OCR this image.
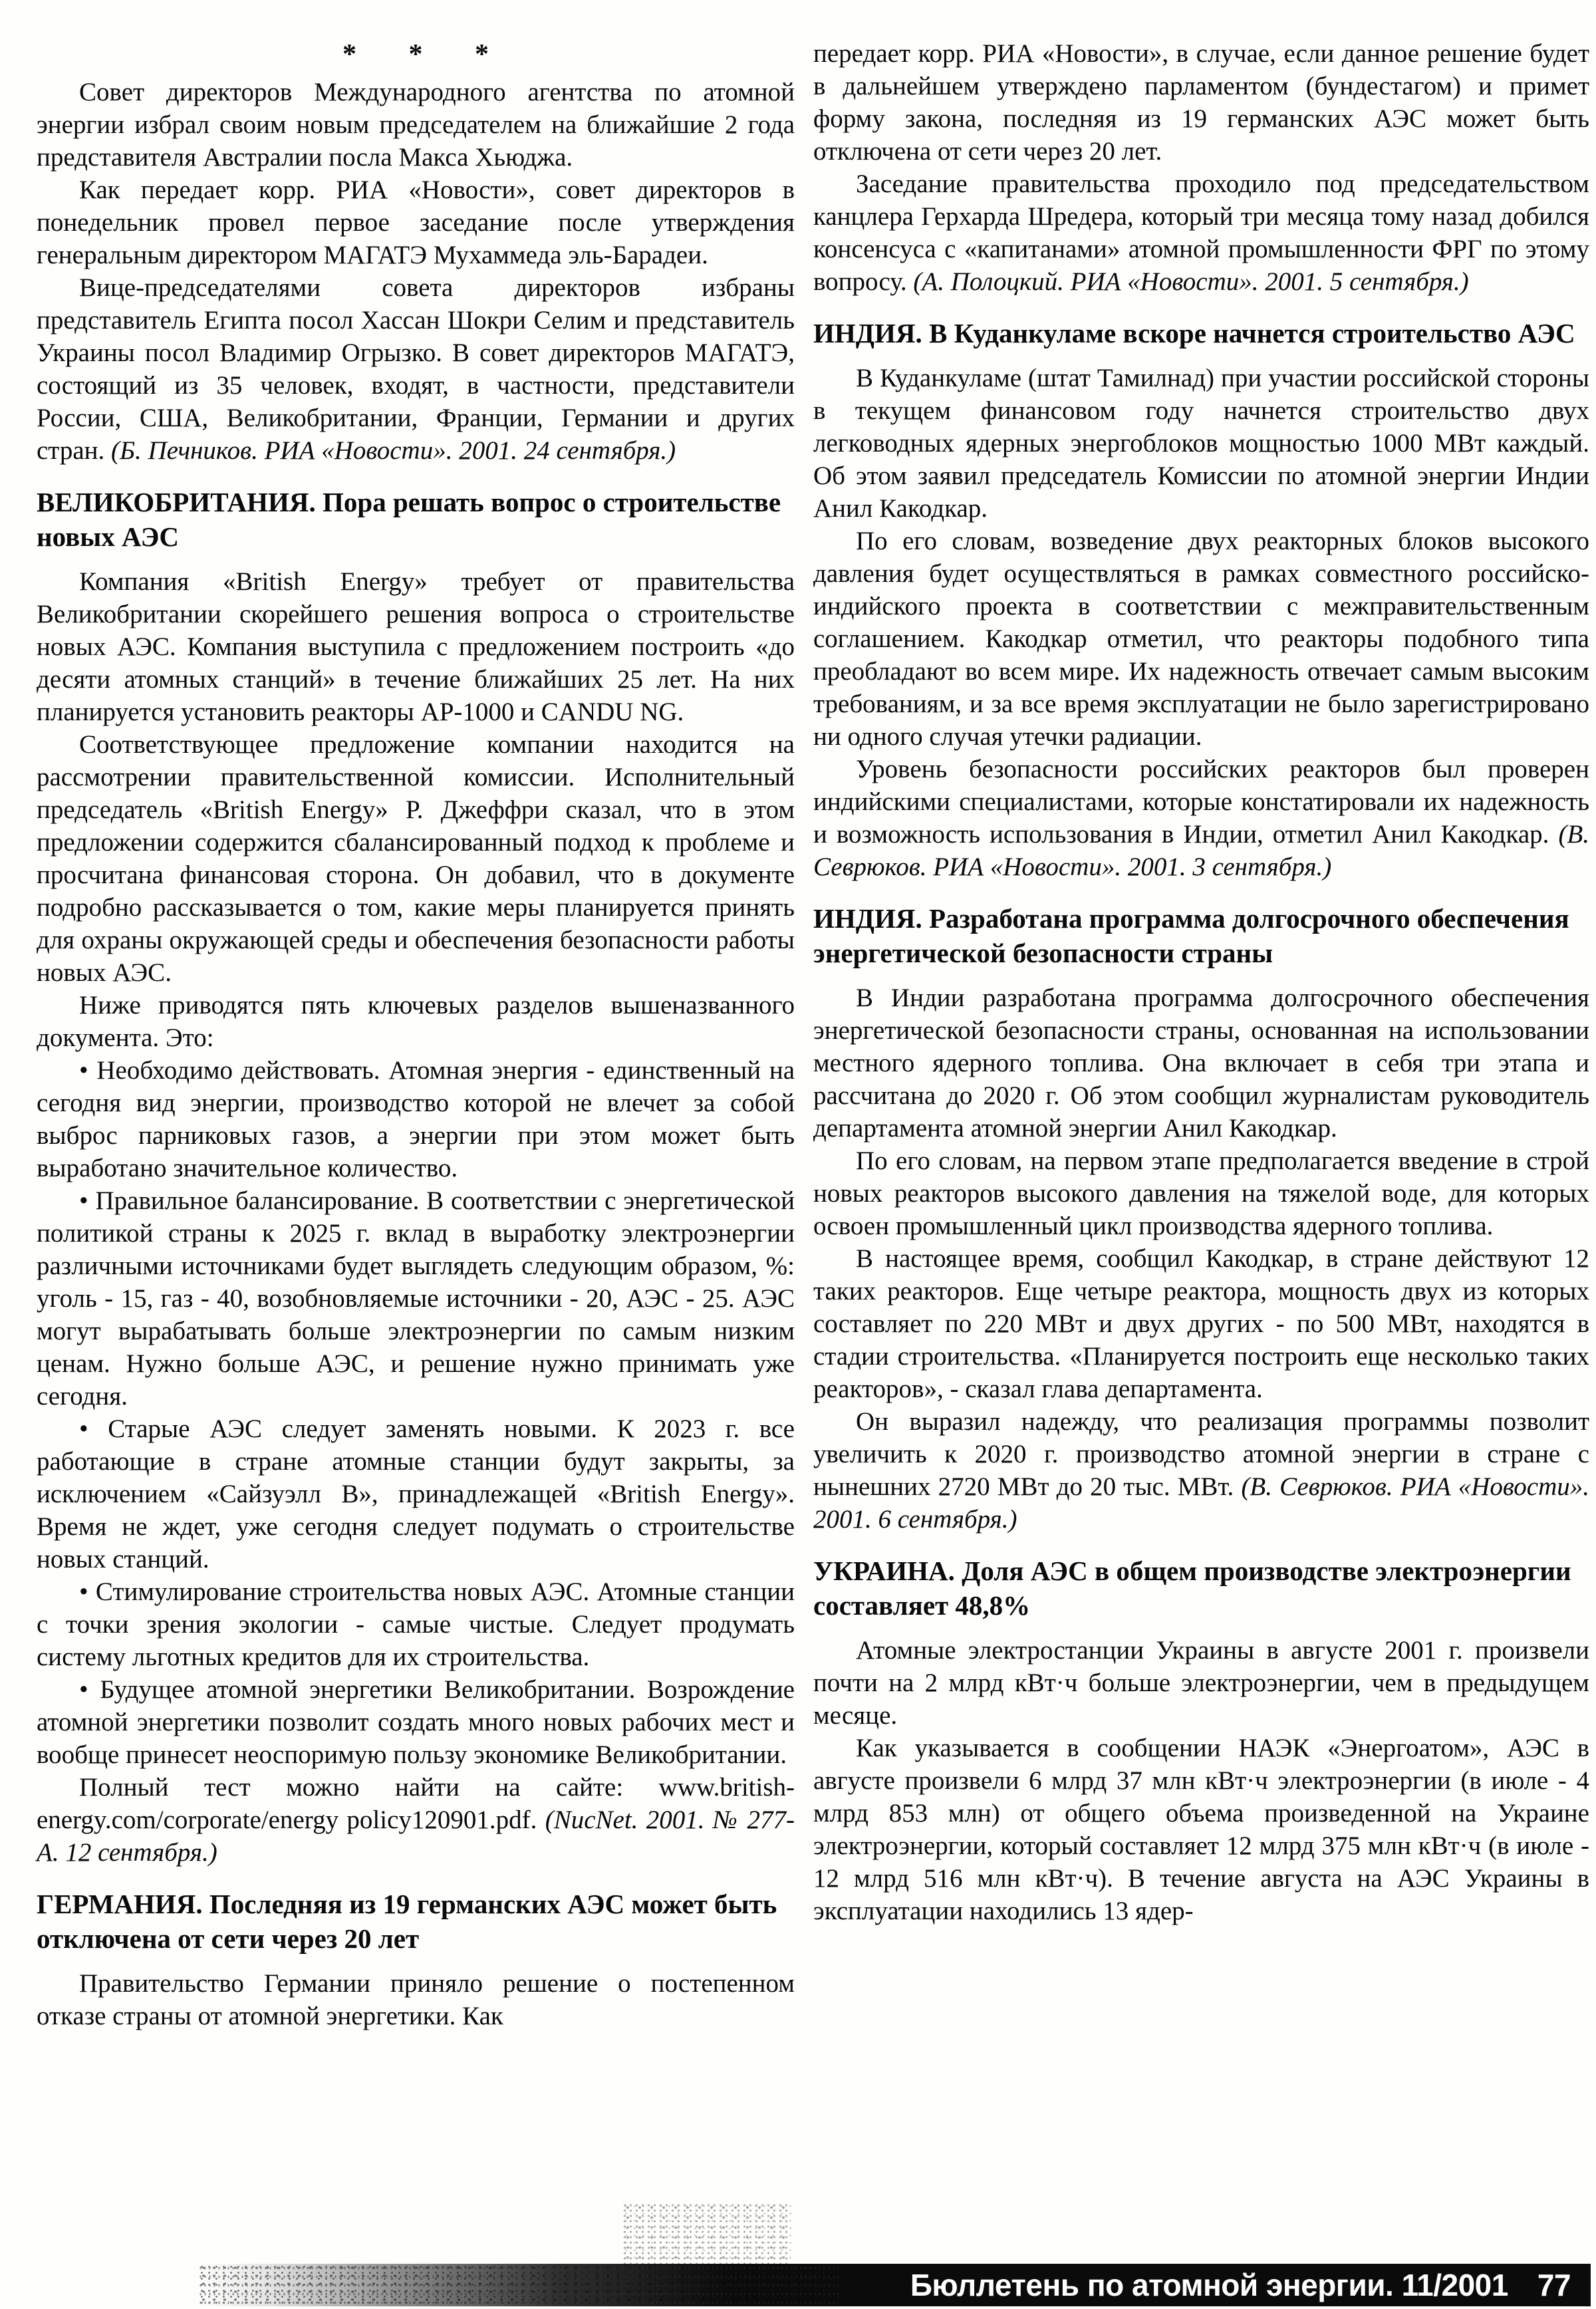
* * *

Совет директоров Международного агентства по атомной энергии избрал своим новым председателем на ближайшие 2 года представителя Австралии посла Макса Хьюджа.

Как передает корр. РИА «Новости», совет директоров в понедельник провел первое заседание после утверждения генеральным директором МАГАТЭ Мухаммеда эль-Барадеи.

Вице-председателями совета директоров избраны представитель Египта посол Хассан Шокри Селим и представитель Украины посол Владимир Огрызко. В совет директоров МАГАТЭ, состоящий из 35 человек, входят, в частности, представители России, США, Великобритании, Франции, Германии и других стран. (Б. Печников. РИА «Новости». 2001. 24 сентября.)

ВЕЛИКОБРИТАНИЯ. Пора решать вопрос о строительстве новых АЭС

Компания «British Energy» требует от правительства Великобритании скорейшего решения вопроса о строительстве новых АЭС. Компания выступила с предложением построить «до десяти атомных станций» в течение ближайших 25 лет. На них планируется установить реакторы АР-1000 и CANDU NG.

Соответствующее предложение компании находится на рассмотрении правительственной комиссии. Исполнительный председатель «British Energy» Р. Джеффри сказал, что в этом предложении содержится сбалансированный подход к проблеме и просчитана финансовая сторона. Он добавил, что в документе подробно рассказывается о том, какие меры планируется принять для охраны окружающей среды и обеспечения безопасности работы новых АЭС.

Ниже приводятся пять ключевых разделов вышеназванного документа. Это:

• Необходимо действовать. Атомная энергия - единственный на сегодня вид энергии, производство которой не влечет за собой выброс парниковых газов, а энергии при этом может быть выработано значительное количество.

• Правильное балансирование. В соответствии с энергетической политикой страны к 2025 г. вклад в выработку электроэнергии различными источниками будет выглядеть следующим образом, %: уголь - 15, газ - 40, возобновляемые источники - 20, АЭС - 25. АЭС могут вырабатывать больше электроэнергии по самым низким ценам. Нужно больше АЭС, и решение нужно принимать уже сегодня.

• Старые АЭС следует заменять новыми. К 2023 г. все работающие в стране атомные станции будут закрыты, за исключением «Сайзуэлл В», принадлежащей «British Energy». Время не ждет, уже сегодня следует подумать о строительстве новых станций.

• Стимулирование строительства новых АЭС. Атомные станции с точки зрения экологии - самые чистые. Следует продумать систему льготных кредитов для их строительства.

• Будущее атомной энергетики Великобритании. Возрождение атомной энергетики позволит создать много новых рабочих мест и вообще принесет неоспоримую пользу экономике Великобритании.

Полный тест можно найти на сайте: www.british-energy.com/corporate/energy policy120901.pdf. (NucNet. 2001. № 277-А. 12 сентября.)

ГЕРМАНИЯ. Последняя из 19 германских АЭС может быть отключена от сети через 20 лет

Правительство Германии приняло решение о постепенном отказе страны от атомной энергетики. Как

передает корр. РИА «Новости», в случае, если данное решение будет в дальнейшем утверждено парламентом (бундестагом) и примет форму закона, последняя из 19 германских АЭС может быть отключена от сети через 20 лет.

Заседание правительства проходило под председательством канцлера Герхарда Шредера, который три месяца тому назад добился консенсуса с «капитанами» атомной промышленности ФРГ по этому вопросу. (А. Полоцкий. РИА «Новости». 2001. 5 сентября.)

ИНДИЯ. В Куданкуламе вскоре начнется строительство АЭС

В Куданкуламе (штат Тамилнад) при участии российской стороны в текущем финансовом году начнется строительство двух легководных ядерных энергоблоков мощностью 1000 МВт каждый. Об этом заявил председатель Комиссии по атомной энергии Индии Анил Какодкар.

По его словам, возведение двух реакторных блоков высокого давления будет осуществляться в рамках совместного российско-индийского проекта в соответствии с межправительственным соглашением. Какодкар отметил, что реакторы подобного типа преобладают во всем мире. Их надежность отвечает самым высоким требованиям, и за все время эксплуатации не было зарегистрировано ни одного случая утечки радиации.

Уровень безопасности российских реакторов был проверен индийскими специалистами, которые констатировали их надежность и возможность использования в Индии, отметил Анил Какодкар. (В. Севрюков. РИА «Новости». 2001. 3 сентября.)

ИНДИЯ. Разработана программа долгосрочного обеспечения энергетической безопасности страны

В Индии разработана программа долгосрочного обеспечения энергетической безопасности страны, основанная на использовании местного ядерного топлива. Она включает в себя три этапа и рассчитана до 2020 г. Об этом сообщил журналистам руководитель департамента атомной энергии Анил Какодкар.

По его словам, на первом этапе предполагается введение в строй новых реакторов высокого давления на тяжелой воде, для которых освоен промышленный цикл производства ядерного топлива.

В настоящее время, сообщил Какодкар, в стране действуют 12 таких реакторов. Еще четыре реактора, мощность двух из которых составляет по 220 МВт и двух других - по 500 МВт, находятся в стадии строительства. «Планируется построить еще несколько таких реакторов», - сказал глава департамента.

Он выразил надежду, что реализация программы позволит увеличить к 2020 г. производство атомной энергии в стране с нынешних 2720 МВт до 20 тыс. МВт. (В. Севрюков. РИА «Новости». 2001. 6 сентября.)

УКРАИНА. Доля АЭС в общем производстве электроэнергии составляет 48,8%

Атомные электростанции Украины в августе 2001 г. произвели почти на 2 млрд кВт·ч больше электроэнергии, чем в предыдущем месяце.

Как указывается в сообщении НАЭК «Энергоатом», АЭС в августе произвели 6 млрд 37 млн кВт·ч электроэнергии (в июле - 4 млрд 853 млн) от общего объема произведенной на Украине электроэнергии, который составляет 12 млрд 375 млн кВт·ч (в июле - 12 млрд 516 млн кВт·ч). В течение августа на АЭС Украины в эксплуатации находились 13 ядер-

Бюллетень по атомной энергии. 11/2001 77
